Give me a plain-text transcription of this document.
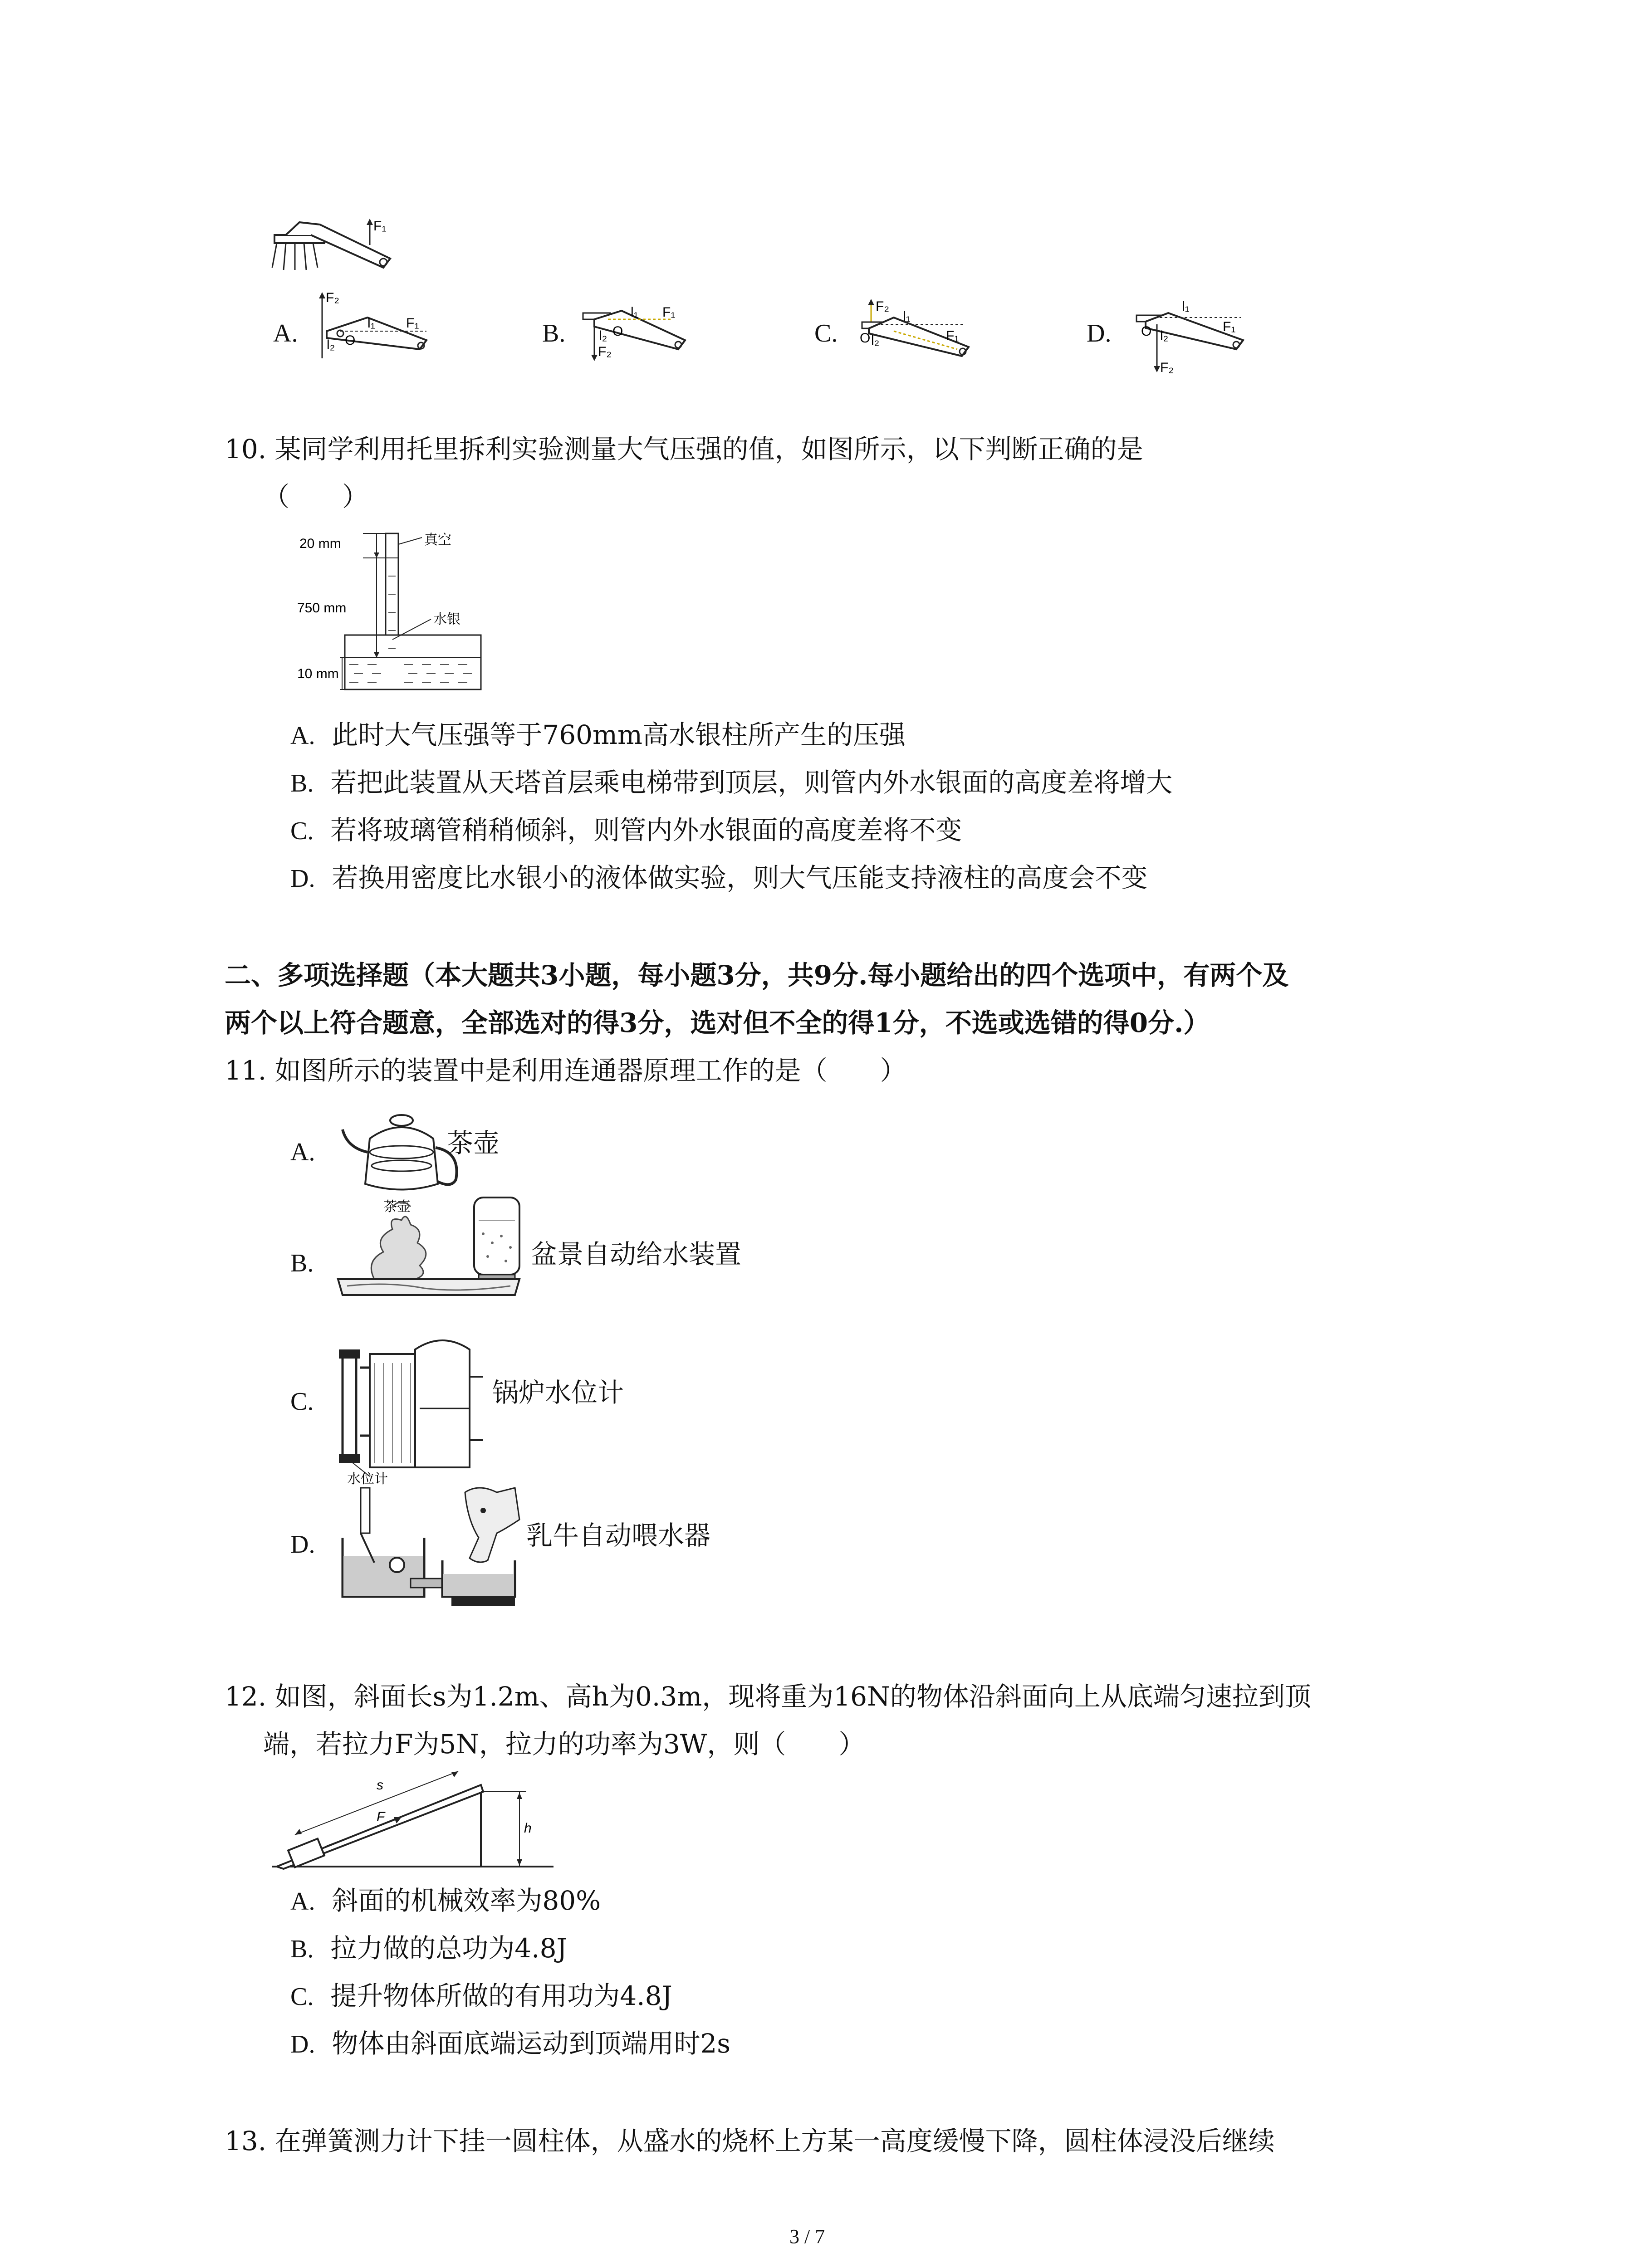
F₁
A.
F₂
l₁ F₁
l₂ O	B.
l₁ F₁
l₂
F₂
O	C.
F₂
l₁
O l₂	F₁	D.
l₁
O l₂
F₁
F₂
10. 某同学利用托里拆利实验测量大气压强的值，如图所示，以下判断正确的是
（　　）
20 mm	真空
750 mm
水银
10 mm
A. 此时大气压强等于760mm高水银柱所产生的压强
B. 若把此装置从天塔首层乘电梯带到顶层，则管内外水银面的高度差将增大
C. 若将玻璃管稍稍倾斜，则管内外水银面的高度差将不变
D. 若换用密度比水银小的液体做实验，则大气压能支持液柱的高度会不变
二、多项选择题（本大题共3小题，每小题3分，共9分.每小题给出的四个选项中，有两个及
两个以上符合题意，全部选对的得3分，选对但不全的得1分，不选或选错的得0分.）
11. 如图所示的装置中是利用连通器原理工作的是（　　）
A.
茶壶
茶壶
B.	盆景自动给水装置
C.
水位计
锅炉水位计
D.	乳牛自动喂水器
12. 如图，斜面长s为1.2m、高h为0.3m，现将重为16N的物体沿斜面向上从底端匀速拉到顶
端，若拉力F为5N，拉力的功率为3W，则（　　）
s
F
h
A. 斜面的机械效率为80%
B. 拉力做的总功为4.8J
C. 提升物体所做的有用功为4.8J
D. 物体由斜面底端运动到顶端用时2s
13. 在弹簧测力计下挂一圆柱体，从盛水的烧杯上方某一高度缓慢下降，圆柱体浸没后继续
3 / 7
